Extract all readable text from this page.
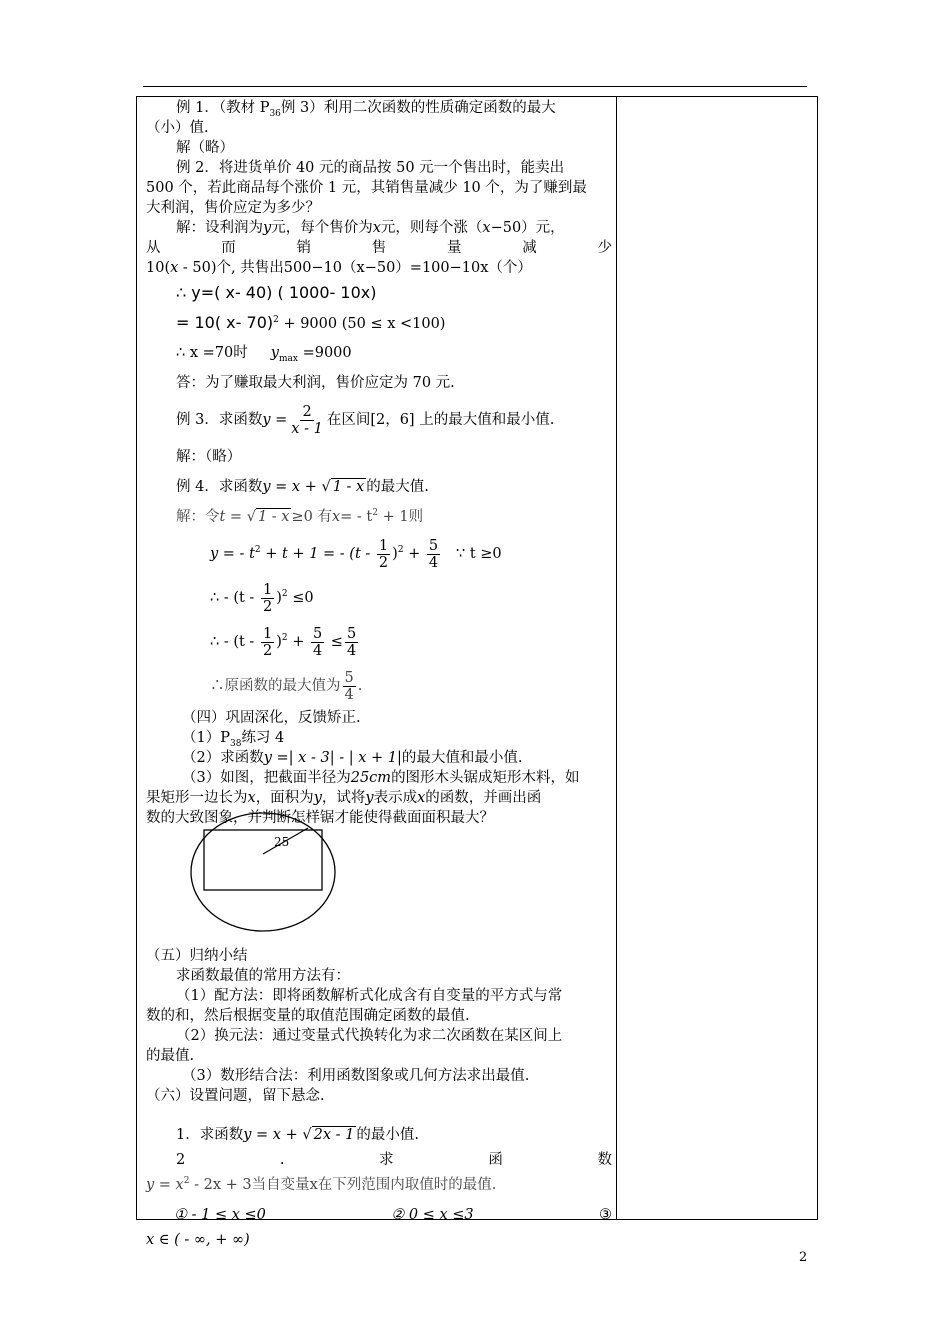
例 1．（教材 $P_{36}$例 3）利用二次函数的性质确定函数的最大
（小）值.
解（略）
例 2．将进货单价 40 元的商品按 50 元一个售出时，能卖出
500 个，若此商品每个涨价 1 元，其销售量减少 10 个，为了赚到最
大利润，售价应定为多少？
解：设利润为y元，每个售价为x元，则每个涨（x−50）元，
从	而	销	售	量	减	少
10(x - 50)个, 共售出500−10（x−50）=100−10x（个）
∴ y=( x- 40) ( 1000- 10x)
= 10( x- 70)$^2$ + 9000 (50 ≤ x <100)
∴ x =70时 $y_{max} =9000$
答：为了赚取最大利润，售价应定为 70 元.
例 3．求函数$y = \frac{2}{x - 1}$ 在区间[2，6] 上的最大值和最小值.
解：（略）
例 4．求函数y = x + √ 1 - x 的最大值.
解：令t = √ 1 - x ≥0 有$x= - t^2 + 1$则
y = - $t^2 + t + 1$ = - $(t - \frac{1}{2} )^2 + \frac{5}{4}$ ∵ t ≥0
∴ - $(t - \frac{1}{2} )^2 \le 0$
∴ - $(t - \frac{1}{2} )^2 + \frac{5}{4} \le \frac{5}{4}$
∴原函数的最大值为 $\frac{5}{4}$ .
（四）巩固深化，反馈矫正.
$(1)P_{38}$练习 4
（2）求函数y =| x - 3| - | x + 1|的最大值和最小值.
（3）如图，把截面半径为25cm的图形木头锯成矩形木料，如
果矩形一边长为x，面积为y，试将y表示成x的函数，并画出函
数的大致图象，并判断怎样锯才能使得截面面积最大？
25
（五）归纳小结
求函数最值的常用方法有：
（1）配方法：即将函数解析式化成含有自变量的平方式与常
数的和，然后根据变量的取值范围确定函数的最值.
（2）换元法：通过变量式代换转化为求二次函数在某区间上
的最值.
（3）数形结合法：利用函数图象或几何方法求出最值.
（六）设置问题，留下悬念.
1．求函数y = x + √ 2x - 1 的最小值.
2	.	求	函	数
$y = x^2 - 2x + 3$当自变量x在下列范围内取值时的最值.
① - 1 ≤ x ≤0	② 0 ≤ x ≤3	③
x ∈ ( - ∞, + ∞)
2
